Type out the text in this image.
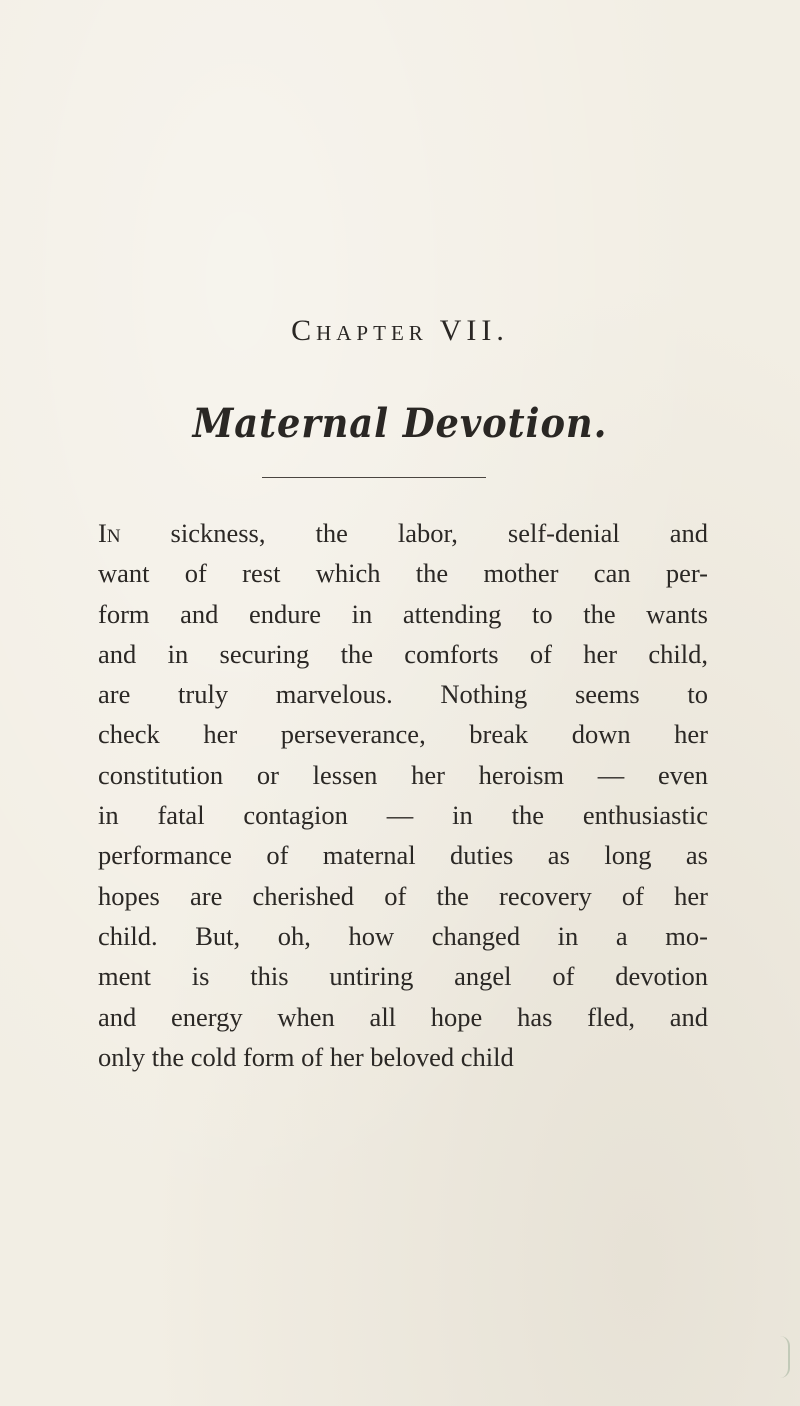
Chapter VII.
Maternal Devotion.
In sickness, the labor, self-denial and
want of rest which the mother can per-
form and endure in attending to the wants
and in securing the comforts of her child,
are truly marvelous. Nothing seems to
check her perseverance, break down her
constitution or lessen her heroism — even
in fatal contagion — in the enthusiastic
performance of maternal duties as long as
hopes are cherished of the recovery of her
child. But, oh, how changed in a mo-
ment is this untiring angel of devotion
and energy when all hope has fled, and
only the cold form of her beloved child
